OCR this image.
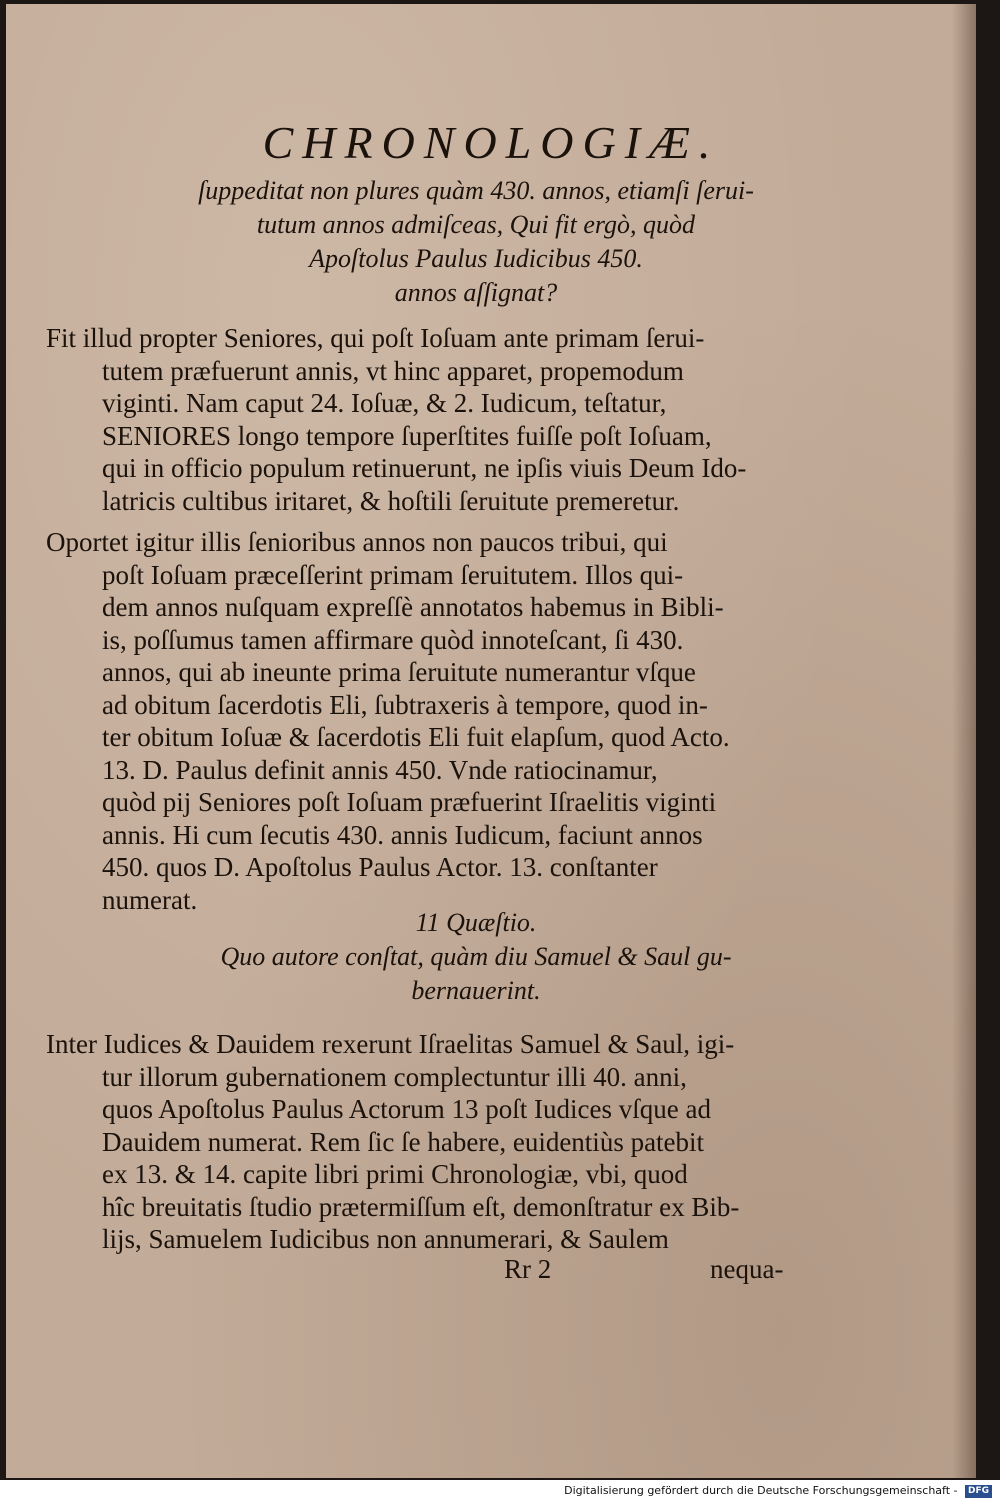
CHRONOLOGIÆ.
ſuppeditat non plures quàm 430. annos, etiamſi ſerui-
tutum annos admiſceas, Qui fit ergò, quòd
Apoſtolus Paulus Iudicibus 450.
annos aſſignat?
Fit illud propter Seniores, qui poſt Ioſuam ante primam ſerui-
tutem præfuerunt annis, vt hinc apparet, propemodum
viginti. Nam caput 24. Ioſuæ, & 2. Iudicum, teſtatur,
SENIORES longo tempore ſuperſtites fuiſſe poſt Ioſuam,
qui in officio populum retinuerunt, ne ipſis viuis Deum Ido-
latricis cultibus iritaret, & hoſtili ſeruitute premeretur.
Oportet igitur illis ſenioribus annos non paucos tribui, qui
poſt Ioſuam præceſſerint primam ſeruitutem. Illos qui-
dem annos nuſquam expreſſè annotatos habemus in Bibli-
is, poſſumus tamen affirmare quòd innoteſcant, ſi 430.
annos, qui ab ineunte prima ſeruitute numerantur vſque
ad obitum ſacerdotis Eli, ſubtraxeris à tempore, quod in-
ter obitum Ioſuæ & ſacerdotis Eli fuit elapſum, quod Acto.
13. D. Paulus definit annis 450. Vnde ratiocinamur,
quòd pij Seniores poſt Ioſuam præfuerint Iſraelitis viginti
annis. Hi cum ſecutis 430. annis Iudicum, faciunt annos
450. quos D. Apoſtolus Paulus Actor. 13. conſtanter
numerat.
11 Quæſtio.
Quo autore conſtat, quàm diu Samuel & Saul gu-
bernauerint.
Inter Iudices & Dauidem rexerunt Iſraelitas Samuel & Saul, igi-
tur illorum gubernationem complectuntur illi 40. anni,
quos Apoſtolus Paulus Actorum 13 poſt Iudices vſque ad
Dauidem numerat. Rem ſic ſe habere, euidentiùs patebit
ex 13. & 14. capite libri primi Chronologiæ, vbi, quod
hîc breuitatis ſtudio prætermiſſum eſt, demonſtratur ex Bib-
lijs, Samuelem Iudicibus non annumerari, & Saulem
Rr 2	nequa-
Digitalisierung gefördert durch die Deutsche Forschungsgemeinschaft - DFG
